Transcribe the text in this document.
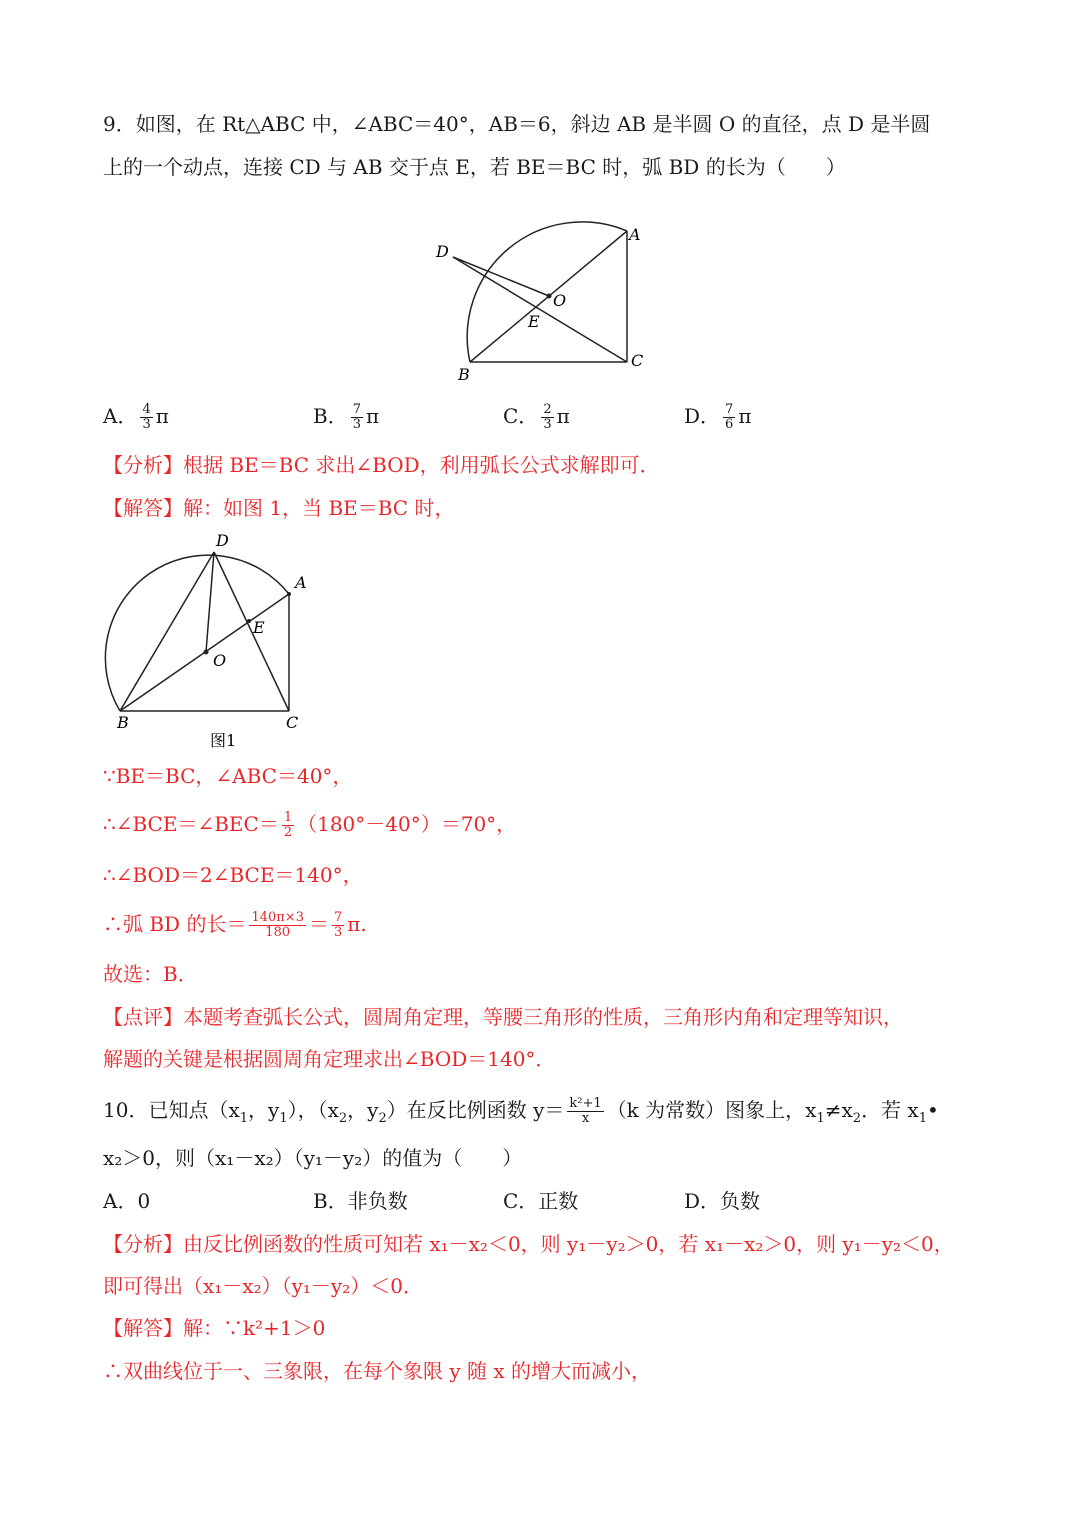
9．如图，在 Rt△ABC 中，∠ABC＝40°，AB＝6，斜边 AB 是半圆 O 的直径，点 D 是半圆
上的一个动点，连接 CD 与 AB 交于点 E，若 BE＝BC 时，弧 BD 的长为（　　）
D
A
O
E
C
B
A． $\frac{4}{3}$ π	B． $\frac{7}{3}$ π	C． $\frac{2}{3}$ π	D． $\frac{7}{6}$ π
【分析】根据 BE＝BC 求出∠BOD，利用弧长公式求解即可．
【解答】解：如图 1，当 BE＝BC 时，
D
A
E
O
B	C
图1
∵BE＝BC，∠ABC＝40°，
∴∠BCE＝∠BEC＝ $\frac{1}{2} (180^\circ-40^\circ)=70^\circ$，
∴∠BOD＝2∠BCE＝140°，
∴弧 BD 的长＝ $\frac{140\pi\times 3}{180} = \frac{7}{3} \pi$.
故选：B．
【点评】本题考查弧长公式，圆周角定理，等腰三角形的性质，三角形内角和定理等知识，
解题的关键是根据圆周角定理求出∠BOD＝140°．
10．已知点（$x_1$，$y_1$），（$x_2$，$y_2$）在反比例函数 $y= \frac{\text{k²+1}}{x} (k$ 为常数）图象上，$x_1\ne x_2$．若 $x_1•$
x₂＞0，则（x₁－x₂）（y₁－y₂）的值为（　　）
A．0	B．非负数	C．正数	D．负数
【分析】由反比例函数的性质可知若 x₁－x₂＜0，则 y₁－y₂＞0，若 x₁－x₂＞0，则 y₁－y₂＜0，
即可得出（x₁－x₂）（y₁－y₂）＜0．
【解答】解：∵k²+1＞0
∴双曲线位于一、三象限，在每个象限 y 随 x 的增大而减小，
